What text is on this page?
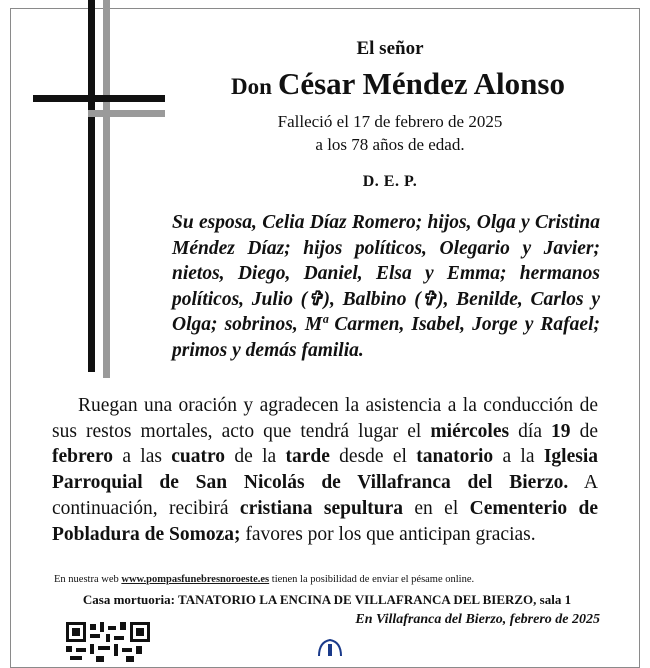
El señor

Don César Méndez Alonso

Falleció el 17 de febrero de 2025

a los 78 años de edad.

D. E. P.

Su esposa, Celia Díaz Romero; hijos, Olga y Cristina Méndez Díaz; hijos políticos, Olegario y Javier; nietos, Diego, Daniel, Elsa y Emma; hermanos políticos, Julio (✞), Balbino (✞), Benilde, Carlos y Olga; sobrinos, Mª Carmen, Isabel, Jorge y Rafael; primos y demás familia.

Ruegan una oración y agradecen la asistencia a la conducción de sus restos mortales, acto que tendrá lugar el miércoles día 19 de febrero a las cuatro de la tarde desde el tanatorio a la Iglesia Parroquial de San Nicolás de Villafranca del Bierzo. A continuación, recibirá cristiana sepultura en el Cementerio de Pobladura de Somoza; favores por los que anticipan gracias.

En nuestra web www.pompasfunebresnoroeste.es tienen la posibilidad de enviar el pésame online.

Casa mortuoria: TANATORIO LA ENCINA DE VILLAFRANCA DEL BIERZO, sala 1

En Villafranca del Bierzo, febrero de 2025
